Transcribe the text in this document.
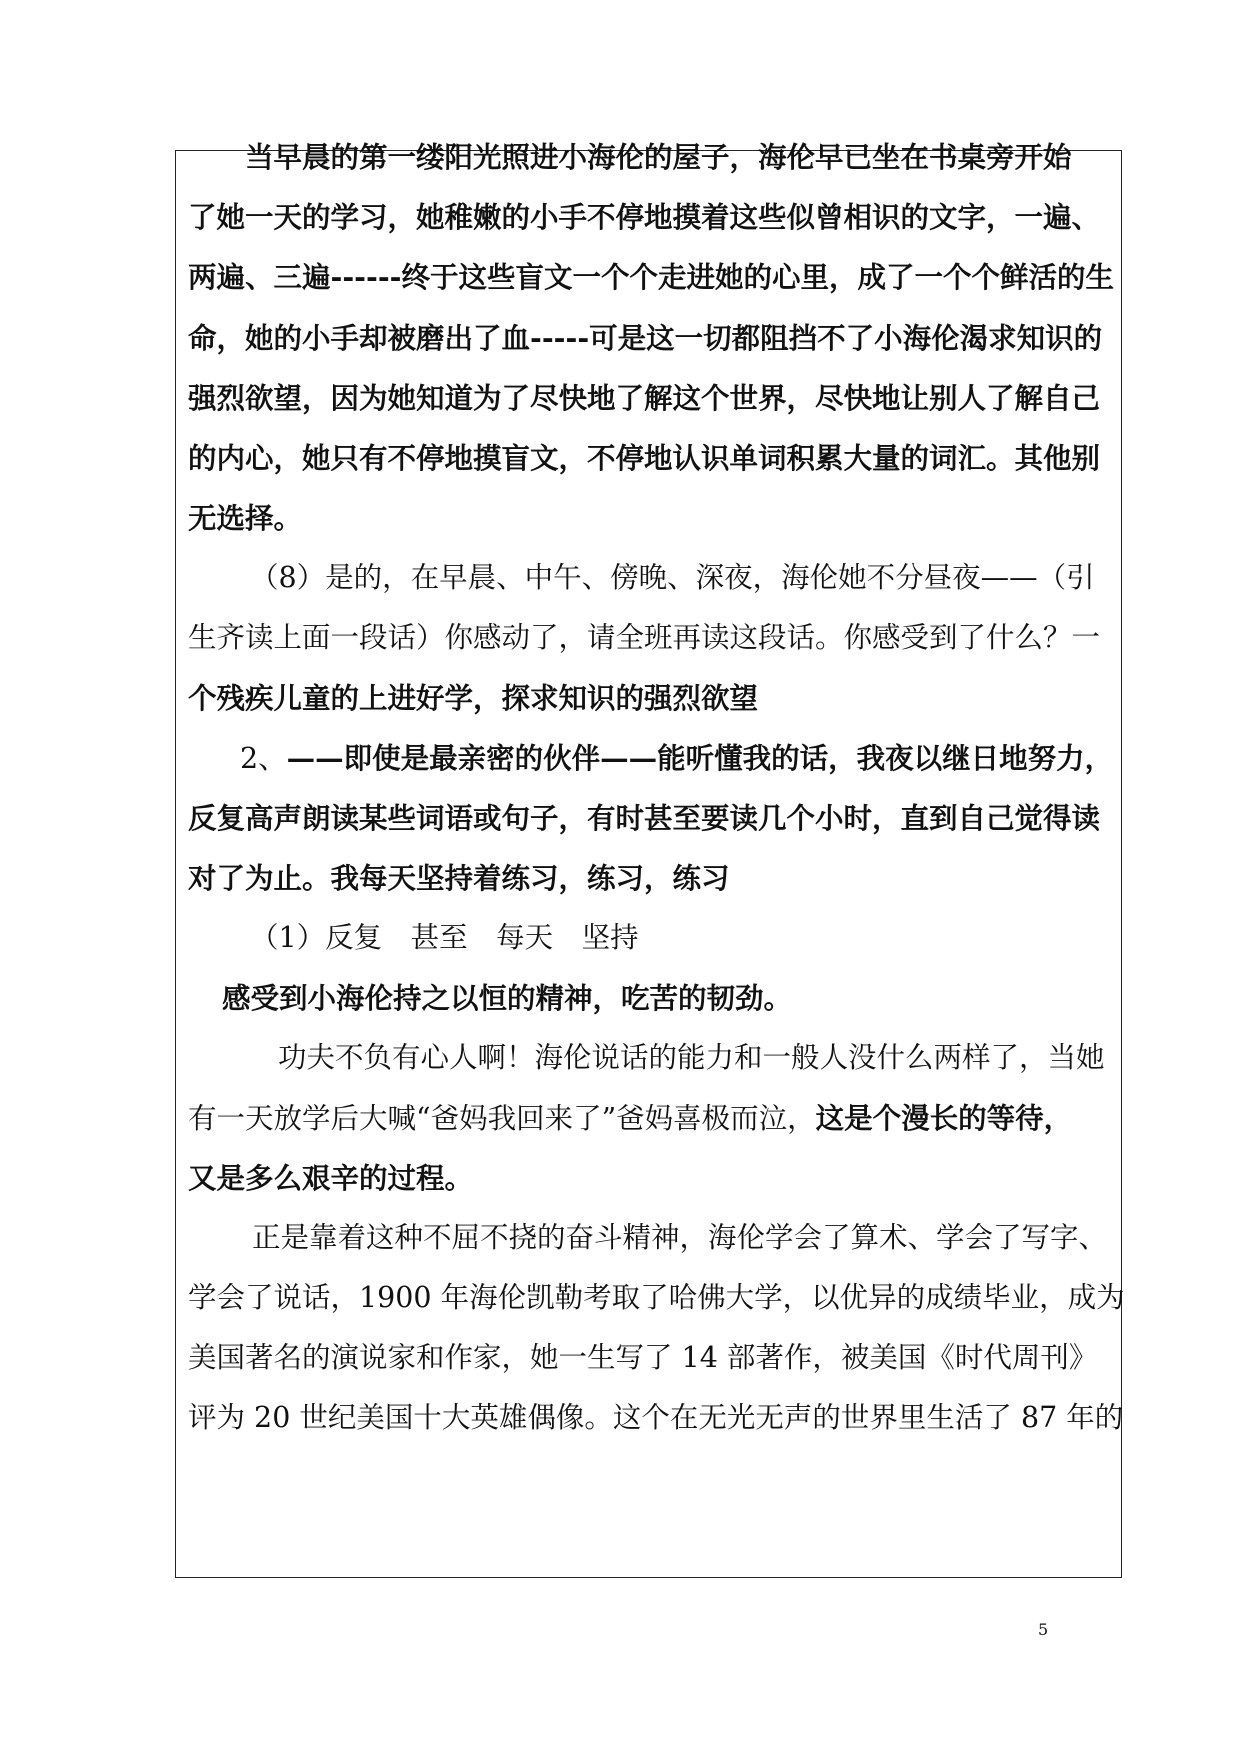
　　当早晨的第一缕阳光照进小海伦的屋子，海伦早已坐在书桌旁开始
了她一天的学习，她稚嫩的小手不停地摸着这些似曾相识的文字，一遍、
两遍、三遍------终于这些盲文一个个走进她的心里，成了一个个鲜活的生
命，她的小手却被磨出了血-----可是这一切都阻挡不了小海伦渴求知识的
强烈欲望，因为她知道为了尽快地了解这个世界，尽快地让别人了解自己
的内心，她只有不停地摸盲文，不停地认识单词积累大量的词汇。其他别
无选择。
（8）是的，在早晨、中午、傍晚、深夜，海伦她不分昼夜——（引
生齐读上面一段话）你感动了，请全班再读这段话。你感受到了什么？一
个残疾儿童的上进好学，探求知识的强烈欲望
2、——即使是最亲密的伙伴——能听懂我的话，我夜以继日地努力，
反复高声朗读某些词语或句子，有时甚至要读几个小时，直到自己觉得读
对了为止。我每天坚持着练习，练习，练习
（1）反复　甚至　每天　坚持
感受到小海伦持之以恒的精神，吃苦的韧劲。
功夫不负有心人啊！海伦说话的能力和一般人没什么两样了，当她
有一天放学后大喊“爸妈我回来了”爸妈喜极而泣，这是个漫长的等待，
又是多么艰辛的过程。
正是靠着这种不屈不挠的奋斗精神，海伦学会了算术、学会了写字、
学会了说话，1900 年海伦凯勒考取了哈佛大学，以优异的成绩毕业，成为
美国著名的演说家和作家，她一生写了 14 部著作，被美国《时代周刊》
评为 20 世纪美国十大英雄偶像。这个在无光无声的世界里生活了 87 年的
5
